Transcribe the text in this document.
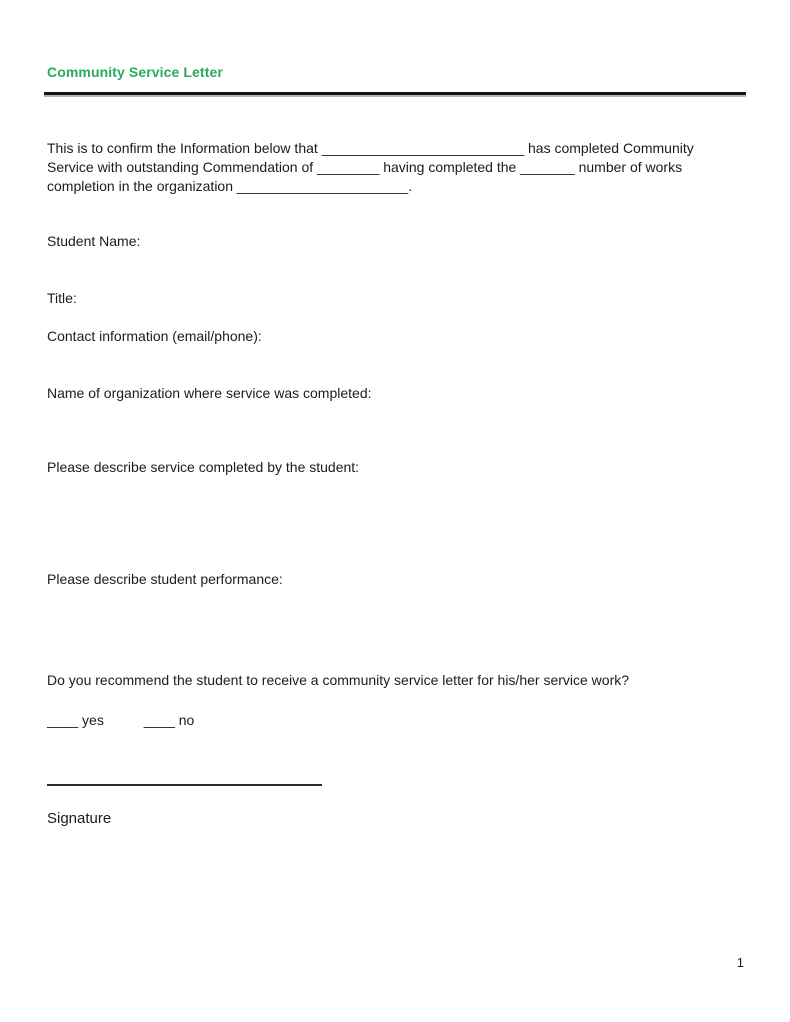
Community Service Letter
This is to confirm the Information below that __________________________ has completed Community
Service with outstanding Commendation of ________ having completed the _______ number of works
completion in the organization ______________________.
Student Name:
Title:
Contact information (email/phone):
Name of organization where service was completed:
Please describe service completed by the student:
Please describe student performance:
Do you recommend the student to receive a community service letter for his/her service work?
____ yes	____ no
Signature
1
